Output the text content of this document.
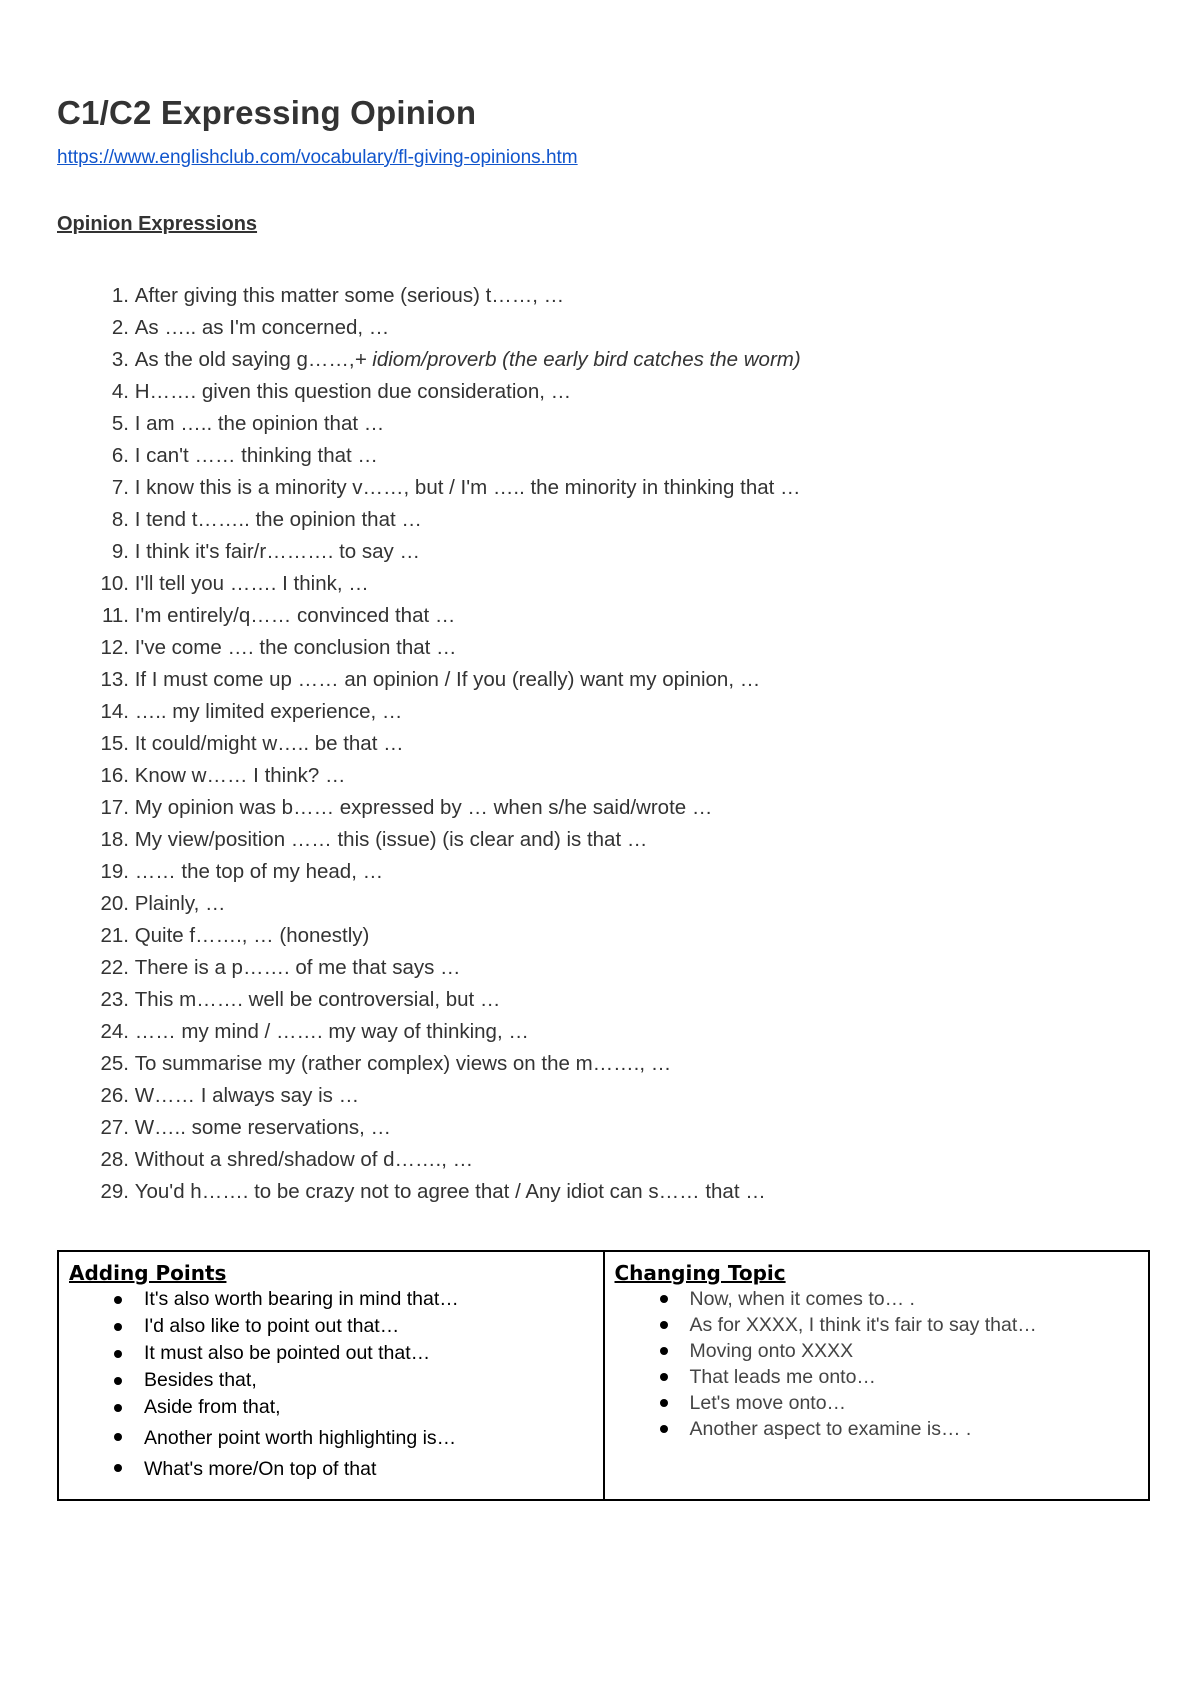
C1/C2 Expressing Opinion
https://www.englishclub.com/vocabulary/fl-giving-opinions.htm
Opinion Expressions
1. After giving this matter some (serious) t……, …
2. As ….. as I'm concerned, …
3. As the old saying g……,+ idiom/proverb (the early bird catches the worm)
4. H……. given this question due consideration, …
5. I am ….. the opinion that …
6. I can't …… thinking that …
7. I know this is a minority v……, but / I'm ….. the minority in thinking that …
8. I tend t…….. the opinion that …
9. I think it's fair/r………. to say …
10. I'll tell you ……. I think, …
11. I'm entirely/q…… convinced that …
12. I've come …. the conclusion that …
13. If I must come up …… an opinion / If you (really) want my opinion, …
14. ….. my limited experience, …
15. It could/might w….. be that …
16. Know w…… I think? …
17. My opinion was b…… expressed by … when s/he said/wrote …
18. My view/position …… this (issue) (is clear and) is that …
19. …… the top of my head, …
20. Plainly, …
21. Quite f……., … (honestly)
22. There is a p……. of me that says …
23. This m……. well be controversial, but …
24. …… my mind / ……. my way of thinking, …
25. To summarise my (rather complex) views on the m……., …
26. W…… I always say is …
27. W….. some reservations, …
28. Without a shred/shadow of d……., …
29. You'd h……. to be crazy not to agree that / Any idiot can s…… that …
Adding Points
It's also worth bearing in mind that…
I'd also like to point out that…
It must also be pointed out that…
Besides that,
Aside from that,
Another point worth highlighting is…
What's more/On top of that

Changing Topic
Now, when it comes to… .
As for XXXX, I think it's fair to say that…
Moving onto XXXX
That leads me onto…
Let's move onto…
Another aspect to examine is… .
